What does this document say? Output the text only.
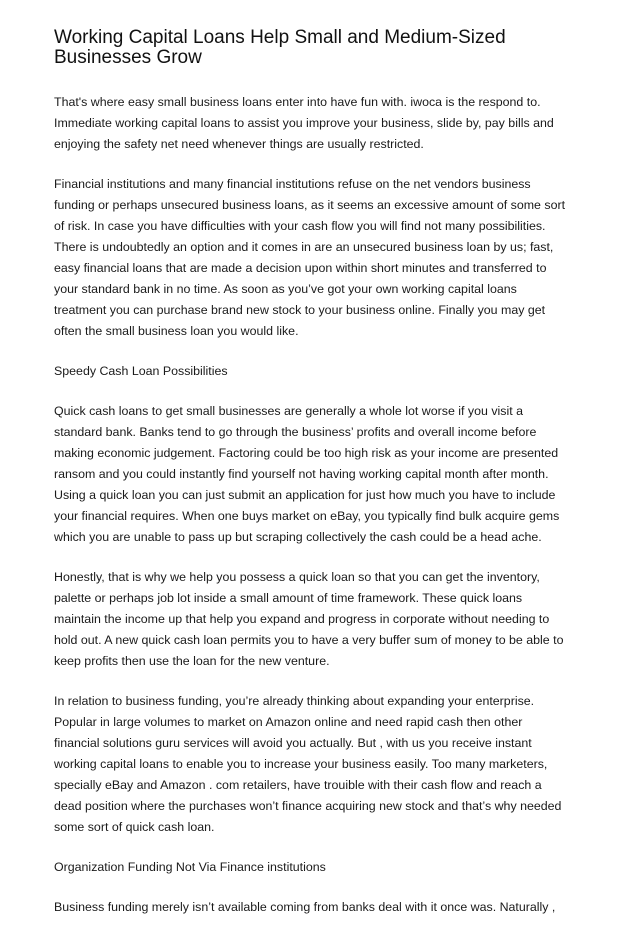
Working Capital Loans Help Small and Medium-Sized
Businesses Grow

That's where easy small business loans enter into have fun with. iwoca is the respond to.
Immediate working capital loans to assist you improve your business, slide by, pay bills and
enjoying the safety net need whenever things are usually restricted.

Financial institutions and many financial institutions refuse on the net vendors business
funding or perhaps unsecured business loans, as it seems an excessive amount of some sort
of risk. In case you have difficulties with your cash flow you will find not many possibilities.
There is undoubtedly an option and it comes in are an unsecured business loan by us; fast,
easy financial loans that are made a decision upon within short minutes and transferred to
your standard bank in no time. As soon as you’ve got your own working capital loans
treatment you can purchase brand new stock to your business online. Finally you may get
often the small business loan you would like.

Speedy Cash Loan Possibilities

Quick cash loans to get small businesses are generally a whole lot worse if you visit a
standard bank. Banks tend to go through the business’ profits and overall income before
making economic judgement. Factoring could be too high risk as your income are presented
ransom and you could instantly find yourself not having working capital month after month.
Using a quick loan you can just submit an application for just how much you have to include
your financial requires. When one buys market on eBay, you typically find bulk acquire gems
which you are unable to pass up but scraping collectively the cash could be a head ache.

Honestly, that is why we help you possess a quick loan so that you can get the inventory,
palette or perhaps job lot inside a small amount of time framework. These quick loans
maintain the income up that help you expand and progress in corporate without needing to
hold out. A new quick cash loan permits you to have a very buffer sum of money to be able to
keep profits then use the loan for the new venture.

In relation to business funding, you’re already thinking about expanding your enterprise.
Popular in large volumes to market on Amazon online and need rapid cash then other
financial solutions guru services will avoid you actually. But , with us you receive instant
working capital loans to enable you to increase your business easily. Too many marketers,
specially eBay and Amazon . com retailers, have trouible with their cash flow and reach a
dead position where the purchases won’t finance acquiring new stock and that’s why needed
some sort of quick cash loan.

Organization Funding Not Via Finance institutions

Business funding merely isn’t available coming from banks deal with it once was. Naturally ,
